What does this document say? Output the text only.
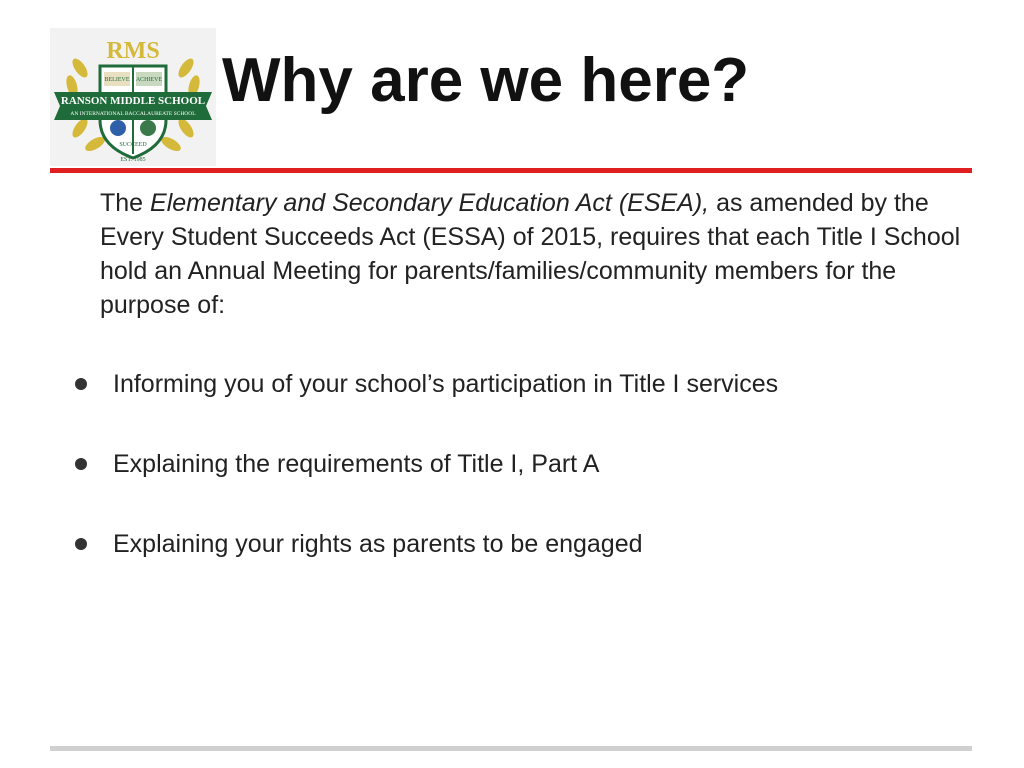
RMS
RANSON MIDDLE SCHOOL
AN INTERNATIONAL BACCALAUREATE SCHOOL
BELIEVE ACHIEVE
SUCCEED
EST. 1985
Why are we here?

The Elementary and Secondary Education Act (ESEA), as amended by the Every Student Succeeds Act (ESSA) of 2015, requires that each Title I School hold an Annual Meeting for parents/families/community members for the purpose of:

Informing you of your school’s participation in Title I services
Explaining the requirements of Title I, Part A
Explaining your rights as parents to be engaged
